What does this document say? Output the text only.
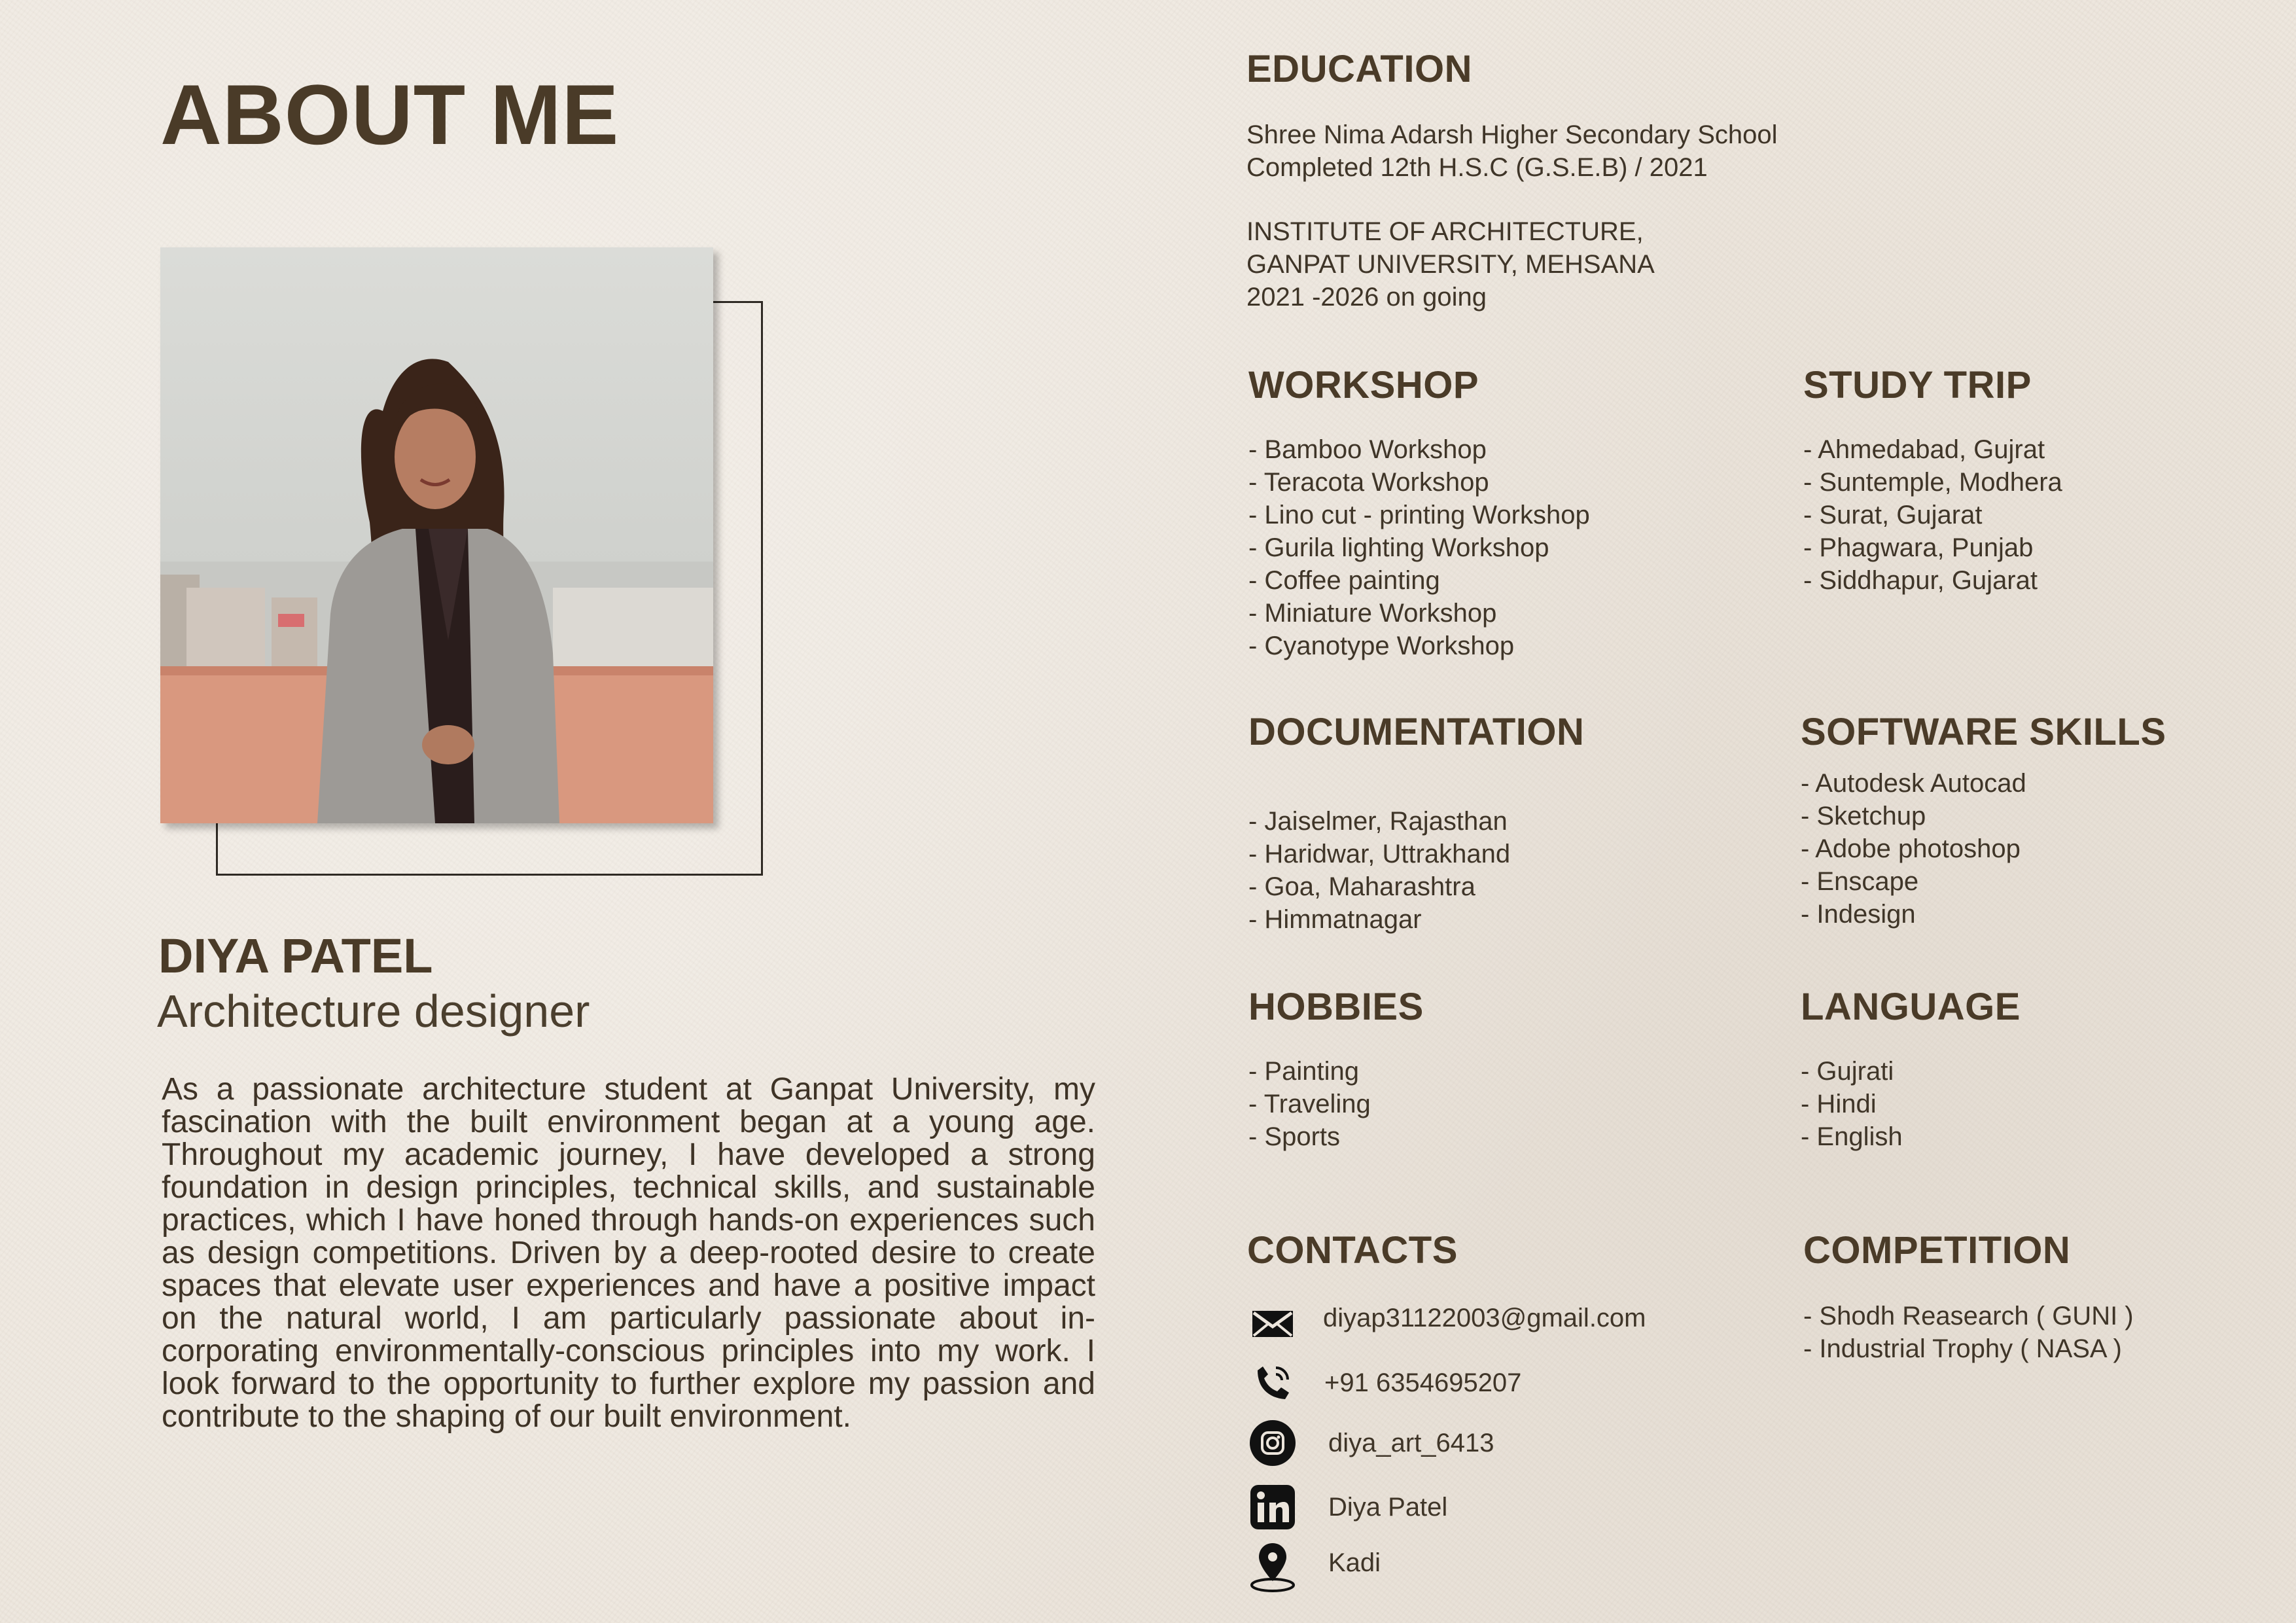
ABOUT ME
DIYA PATEL
Architecture designer

As a passionate architecture student at Ganpat University, my fascination with the built environment began at a young age. Throughout my academic journey, I have developed a strong foundation in design principles, technical skills, and sustainable practices, which I have honed through hands-on experiences such as design competitions. Driven by a deep-rooted desire to create spaces that elevate user experiences and have a positive impact on the natural world, I am particularly passionate about in-corporating environmentally-conscious principles into my work. I look forward to the opportunity to further explore my passion and contribute to the shaping of our built environment.

EDUCATION

Shree Nima Adarsh Higher Secondary School

Completed 12th H.S.C (G.S.E.B) / 2021

INSTITUTE OF ARCHITECTURE,

GANPAT UNIVERSITY, MEHSANA

2021 -2026 on going

WORKSHOP
- Bamboo Workshop
- Teracota Workshop
- Lino cut - printing Workshop
- Gurila lighting Workshop
- Coffee painting
- Miniature Workshop
- Cyanotype Workshop
STUDY TRIP
- Ahmedabad, Gujrat
- Suntemple, Modhera
- Surat, Gujarat
- Phagwara, Punjab
- Siddhapur, Gujarat
DOCUMENTATION
- Jaiselmer, Rajasthan
- Haridwar, Uttrakhand
- Goa, Maharashtra
- Himmatnagar
SOFTWARE SKILLS
- Autodesk Autocad
- Sketchup
- Adobe photoshop
- Enscape
- Indesign
HOBBIES
- Painting
- Traveling
- Sports
LANGUAGE
- Gujrati
- Hindi
- English
CONTACTS
diyap31122003@gmail.com
+91 6354695207
diya_art_6413
Diya Patel
Kadi
COMPETITION
- Shodh Reasearch ( GUNI )
- Industrial Trophy ( NASA )
